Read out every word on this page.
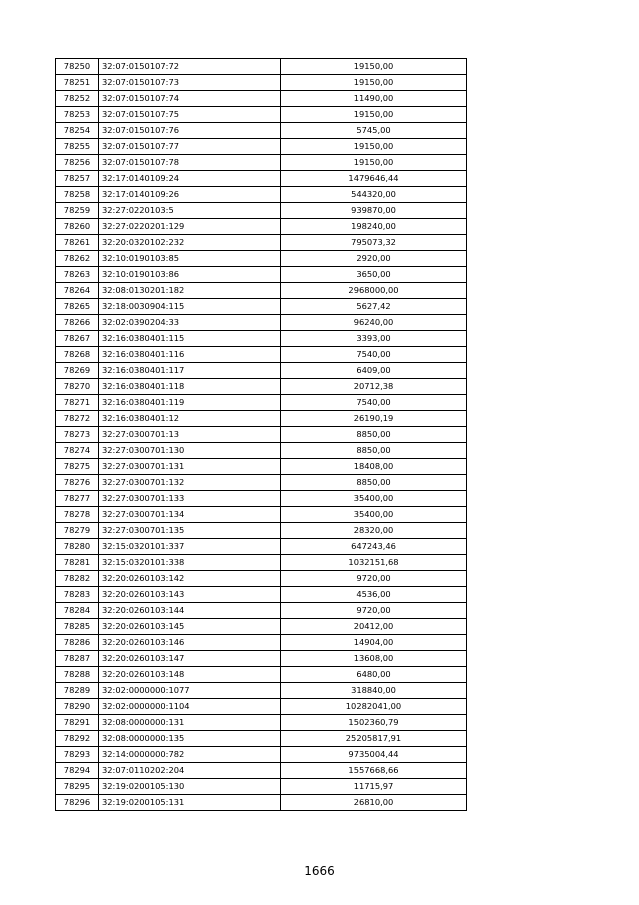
78250	32:07:0150107:72	19150,00
78251	32:07:0150107:73	19150,00
78252	32:07:0150107:74	11490,00
78253	32:07:0150107:75	19150,00
78254	32:07:0150107:76	5745,00
78255	32:07:0150107:77	19150,00
78256	32:07:0150107:78	19150,00
78257	32:17:0140109:24	1479646,44
78258	32:17:0140109:26	544320,00
78259	32:27:0220103:5	939870,00
78260	32:27:0220201:129	198240,00
78261	32:20:0320102:232	795073,32
78262	32:10:0190103:85	2920,00
78263	32:10:0190103:86	3650,00
78264	32:08:0130201:182	2968000,00
78265	32:18:0030904:115	5627,42
78266	32:02:0390204:33	96240,00
78267	32:16:0380401:115	3393,00
78268	32:16:0380401:116	7540,00
78269	32:16:0380401:117	6409,00
78270	32:16:0380401:118	20712,38
78271	32:16:0380401:119	7540,00
78272	32:16:0380401:12	26190,19
78273	32:27:0300701:13	8850,00
78274	32:27:0300701:130	8850,00
78275	32:27:0300701:131	18408,00
78276	32:27:0300701:132	8850,00
78277	32:27:0300701:133	35400,00
78278	32:27:0300701:134	35400,00
78279	32:27:0300701:135	28320,00
78280	32:15:0320101:337	647243,46
78281	32:15:0320101:338	1032151,68
78282	32:20:0260103:142	9720,00
78283	32:20:0260103:143	4536,00
78284	32:20:0260103:144	9720,00
78285	32:20:0260103:145	20412,00
78286	32:20:0260103:146	14904,00
78287	32:20:0260103:147	13608,00
78288	32:20:0260103:148	6480,00
78289	32:02:0000000:1077	318840,00
78290	32:02:0000000:1104	10282041,00
78291	32:08:0000000:131	1502360,79
78292	32:08:0000000:135	25205817,91
78293	32:14:0000000:782	9735004,44
78294	32:07:0110202:204	1557668,66
78295	32:19:0200105:130	11715,97
78296	32:19:0200105:131	26810,00
1666
